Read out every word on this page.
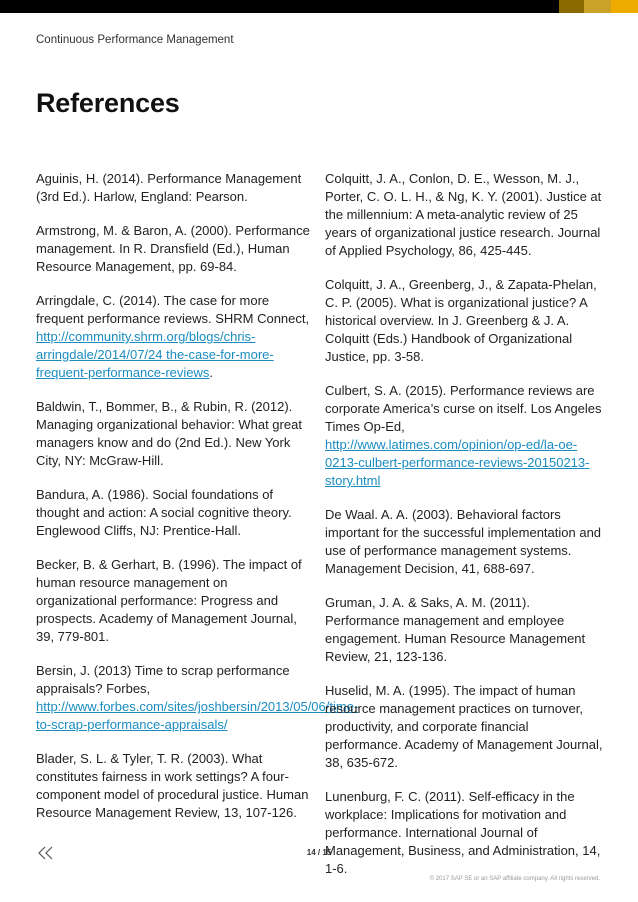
Continuous Performance Management
References

Aguinis, H. (2014). Performance Management (3rd Ed.). Harlow, England: Pearson.

Armstrong, M. & Baron, A. (2000). Performance management. In R. Dransfield (Ed.), Human Resource Management, pp. 69-84.

Arringdale, C. (2014). The case for more frequent performance reviews. SHRM Connect, http://community.shrm.org/blogs/chris-arringdale/2014/07/24 the-case-for-more-frequent-performance-reviews.

Baldwin, T., Bommer, B., & Rubin, R. (2012). Managing organizational behavior: What great managers know and do (2nd Ed.). New York City, NY: McGraw-Hill.

Bandura, A. (1986). Social foundations of thought and action: A social cognitive theory. Englewood Cliffs, NJ: Prentice-Hall.

Becker, B. & Gerhart, B. (1996). The impact of human resource management on organizational performance: Progress and prospects. Academy of Management Journal, 39, 779-801.

Bersin, J. (2013) Time to scrap performance appraisals? Forbes, http://www.forbes.com/sites/joshbersin/2013/05/06/time-to-scrap-performance-appraisals/

Blader, S. L. & Tyler, T. R. (2003). What constitutes fairness in work settings? A four-component model of procedural justice. Human Resource Management Review, 13, 107-126.

Colquitt, J. A., Conlon, D. E., Wesson, M. J., Porter, C. O. L. H., & Ng, K. Y. (2001). Justice at the millennium: A meta-analytic review of 25 years of organizational justice research. Journal of Applied Psychology, 86, 425-445.

Colquitt, J. A., Greenberg, J., & Zapata-Phelan, C. P. (2005). What is organizational justice? A historical overview. In J. Greenberg & J. A. Colquitt (Eds.) Handbook of Organizational Justice, pp. 3-58.

Culbert, S. A. (2015). Performance reviews are corporate America’s curse on itself. Los Angeles Times Op-Ed, http://www.latimes.com/opinion/op-ed/la-oe-0213-culbert-performance-reviews-20150213-story.html

De Waal. A. A. (2003). Behavioral factors important for the successful implementation and use of performance management systems. Management Decision, 41, 688-697.

Gruman, J. A. & Saks, A. M. (2011). Performance management and employee engagement. Human Resource Management Review, 21, 123-136.

Huselid, M. A. (1995). The impact of human resource management practices on turnover, productivity, and corporate financial performance. Academy of Management Journal, 38, 635-672.

Lunenburg, F. C. (2011). Self-efficacy in the workplace: Implications for motivation and performance. International Journal of Management, Business, and Administration, 14, 1-6.

14 / 15
© 2017 SAP SE or an SAP affiliate company. All rights reserved.
